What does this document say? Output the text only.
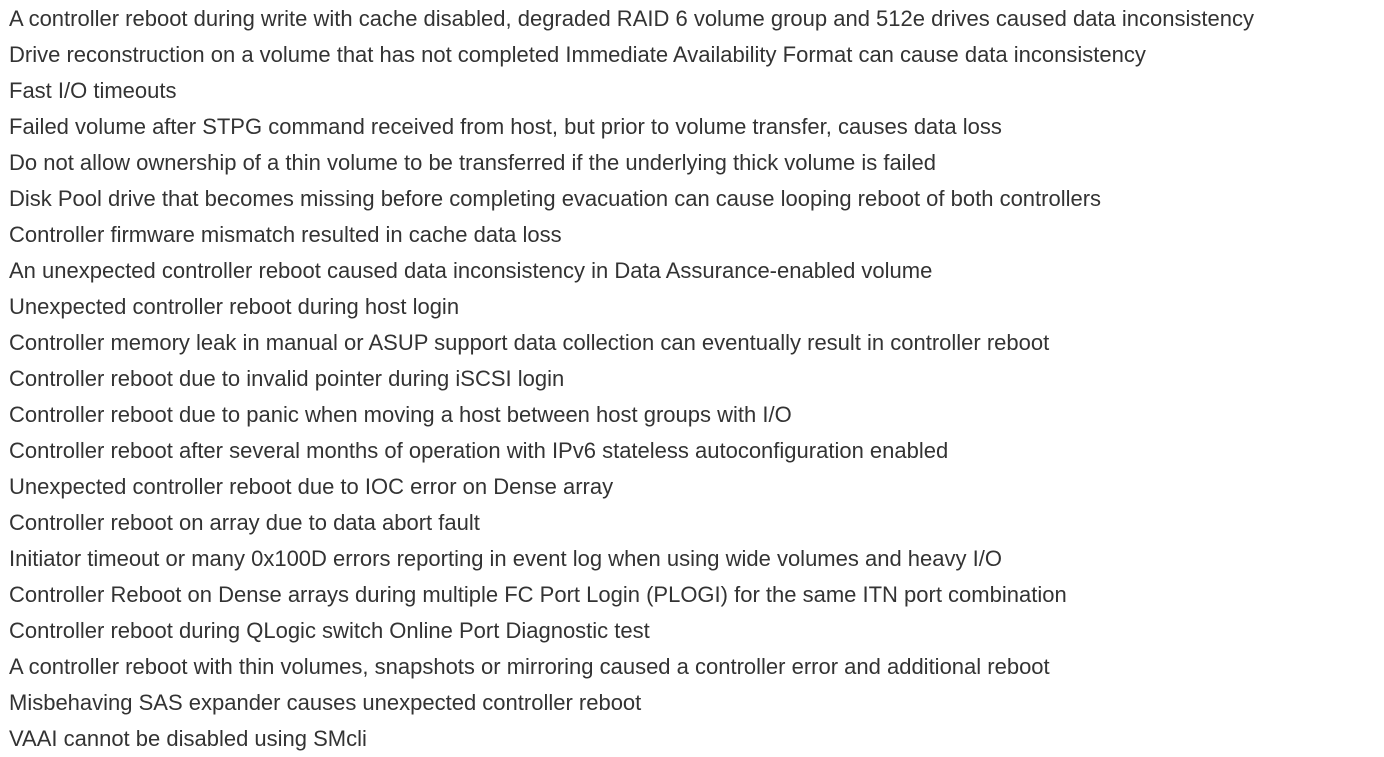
A controller reboot during write with cache disabled, degraded RAID 6 volume group and 512e drives caused data inconsistency
Drive reconstruction on a volume that has not completed Immediate Availability Format can cause data inconsistency
Fast I/O timeouts
Failed volume after STPG command received from host, but prior to volume transfer, causes data loss
Do not allow ownership of a thin volume to be transferred if the underlying thick volume is failed
Disk Pool drive that becomes missing before completing evacuation can cause looping reboot of both controllers
Controller firmware mismatch resulted in cache data loss
An unexpected controller reboot caused data inconsistency in Data Assurance-enabled volume
Unexpected controller reboot during host login
Controller memory leak in manual or ASUP support data collection can eventually result in controller reboot
Controller reboot due to invalid pointer during iSCSI login
Controller reboot due to panic when moving a host between host groups with I/O
Controller reboot after several months of operation with IPv6 stateless autoconfiguration enabled
Unexpected controller reboot due to IOC error on Dense array
Controller reboot on array due to data abort fault
Initiator timeout or many 0x100D errors reporting in event log when using wide volumes and heavy I/O
Controller Reboot on Dense arrays during multiple FC Port Login (PLOGI) for the same ITN port combination
Controller reboot during QLogic switch Online Port Diagnostic test
A controller reboot with thin volumes, snapshots or mirroring caused a controller error and additional reboot
Misbehaving SAS expander causes unexpected controller reboot
VAAI cannot be disabled using SMcli
